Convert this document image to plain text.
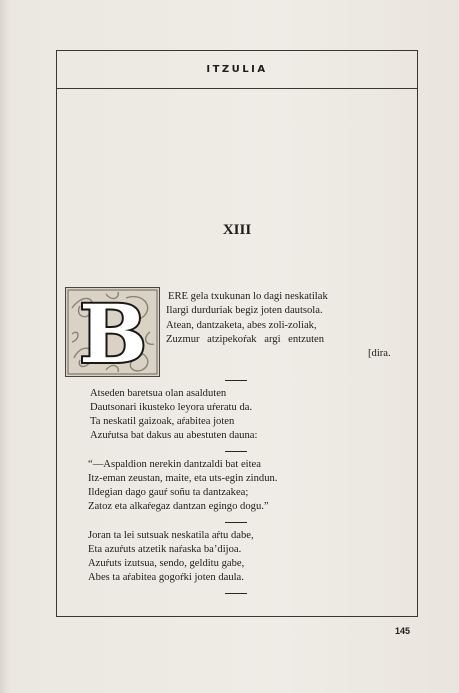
ITZULIA
XIII
B ERE gela txukunan lo dagi neskatilak
Ilargi durduriak begiz joten dautsola.
Atean, dantzaketa, abes zoli-zoliak,
Zuzmur atzipekoŕak argi entzuten
[dira.
Atseden baretsua olan asalduten
Dautsonari ikusteko leyora uŕeratu da.
Ta neskatil gaizoak, aŕabitea joten
Azuŕutsa bat dakus au abestuten dauna:
“—Aspaldion nerekin dantzaldi bat eitea
Itz-eman zeustan, maite, eta uts-egin zindun.
Ildegian dago gauŕ soñu ta dantzakea;
Zatoz eta alkaŕegaz dantzan egingo dogu.”
Joran ta lei sutsuak neskatila aŕtu dabe,
Eta azuŕuts atzetik naŕaska ba’dijoa.
Azuŕuts izutsua, sendo, gelditu gabe,
Abes ta aŕabitea gogoŕki joten daula.
145
